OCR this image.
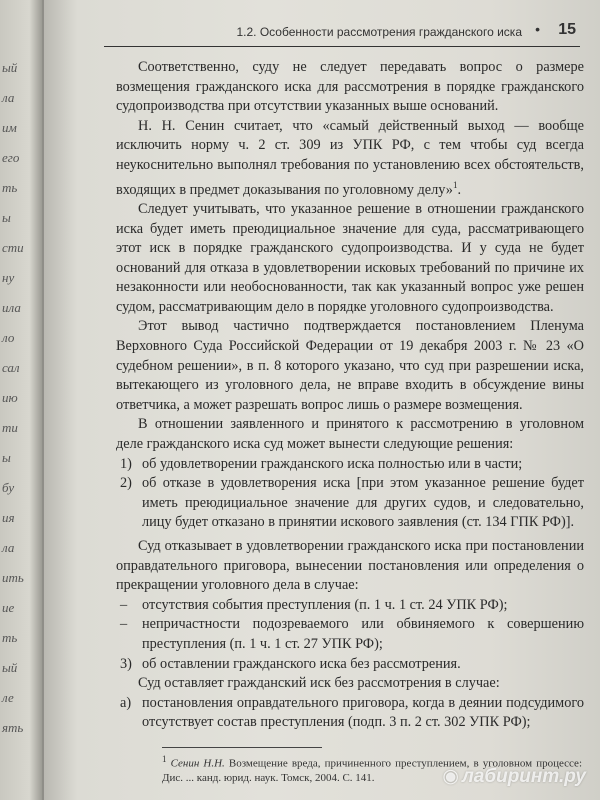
ый
ла
им
его
ть
ы
сти
ну
ила
ло
сал
ию
ти
ы
бу
ия
ла
ить
ие
ть
ый
ле
ять
1.2. Особенности рассмотрения гражданского иска • 15

Соответственно, суду не следует передавать вопрос о размере возмещения гражданского иска для рассмотрения в порядке гражданского судопроизводства при отсутствии указанных выше оснований.

Н. Н. Сенин считает, что «самый действенный выход — вообще исключить норму ч. 2 ст. 309 из УПК РФ, с тем чтобы суд всегда неукоснительно выполнял требования по установлению всех обстоятельств, входящих в предмет доказывания по уголовному делу»$^1$.

Следует учитывать, что указанное решение в отношении гражданского иска будет иметь преюдициальное значение для суда, рассматривающего этот иск в порядке гражданского судопроизводства. И у суда не будет оснований для отказа в удовлетворении исковых требований по причине их незаконности или необоснованности, так как указанный вопрос уже решен судом, рассматривающим дело в порядке уголовного судопроизводства.

Этот вывод частично подтверждается постановлением Пленума Верховного Суда Российской Федерации от 19 декабря 2003 г. № 23 «О судебном решении», в п. 8 которого указано, что суд при разрешении иска, вытекающего из уголовного дела, не вправе входить в обсуждение вины ответчика, а может разрешать вопрос лишь о размере возмещения.

В отношении заявленного и принятого к рассмотрению в уголовном деле гражданского иска суд может вынести следующие решения:

1) об удовлетворении гражданского иска полностью или в части;
2) об отказе в удовлетворения иска [при этом указанное решение будет иметь преюдициальное значение для других судов, и следовательно, лицу будет отказано в принятии искового заявления (ст. 134 ГПК РФ)].

Суд отказывает в удовлетворении гражданского иска при постановлении оправдательного приговора, вынесении постановления или определения о прекращении уголовного дела в случае:

–	отсутствия события преступления (п. 1 ч. 1 ст. 24 УПК РФ);
–	непричастности подозреваемого или обвиняемого к совершению преступления (п. 1 ч. 1 ст. 27 УПК РФ);
3) об оставлении гражданского иска без рассмотрения.

Суд оставляет гражданский иск без рассмотрения в случае:

а) постановления оправдательного приговора, когда в деянии подсудимого отсутствует состав преступления (подп. 3 п. 2 ст. 302 УПК РФ);
$^1$ Сенин Н.Н. Возмещение вреда, причиненного преступлением, в уголовном процессе: Дис. ... канд. юрид. наук. Томск, 2004. С. 141.	◉ лабиринт.ру
